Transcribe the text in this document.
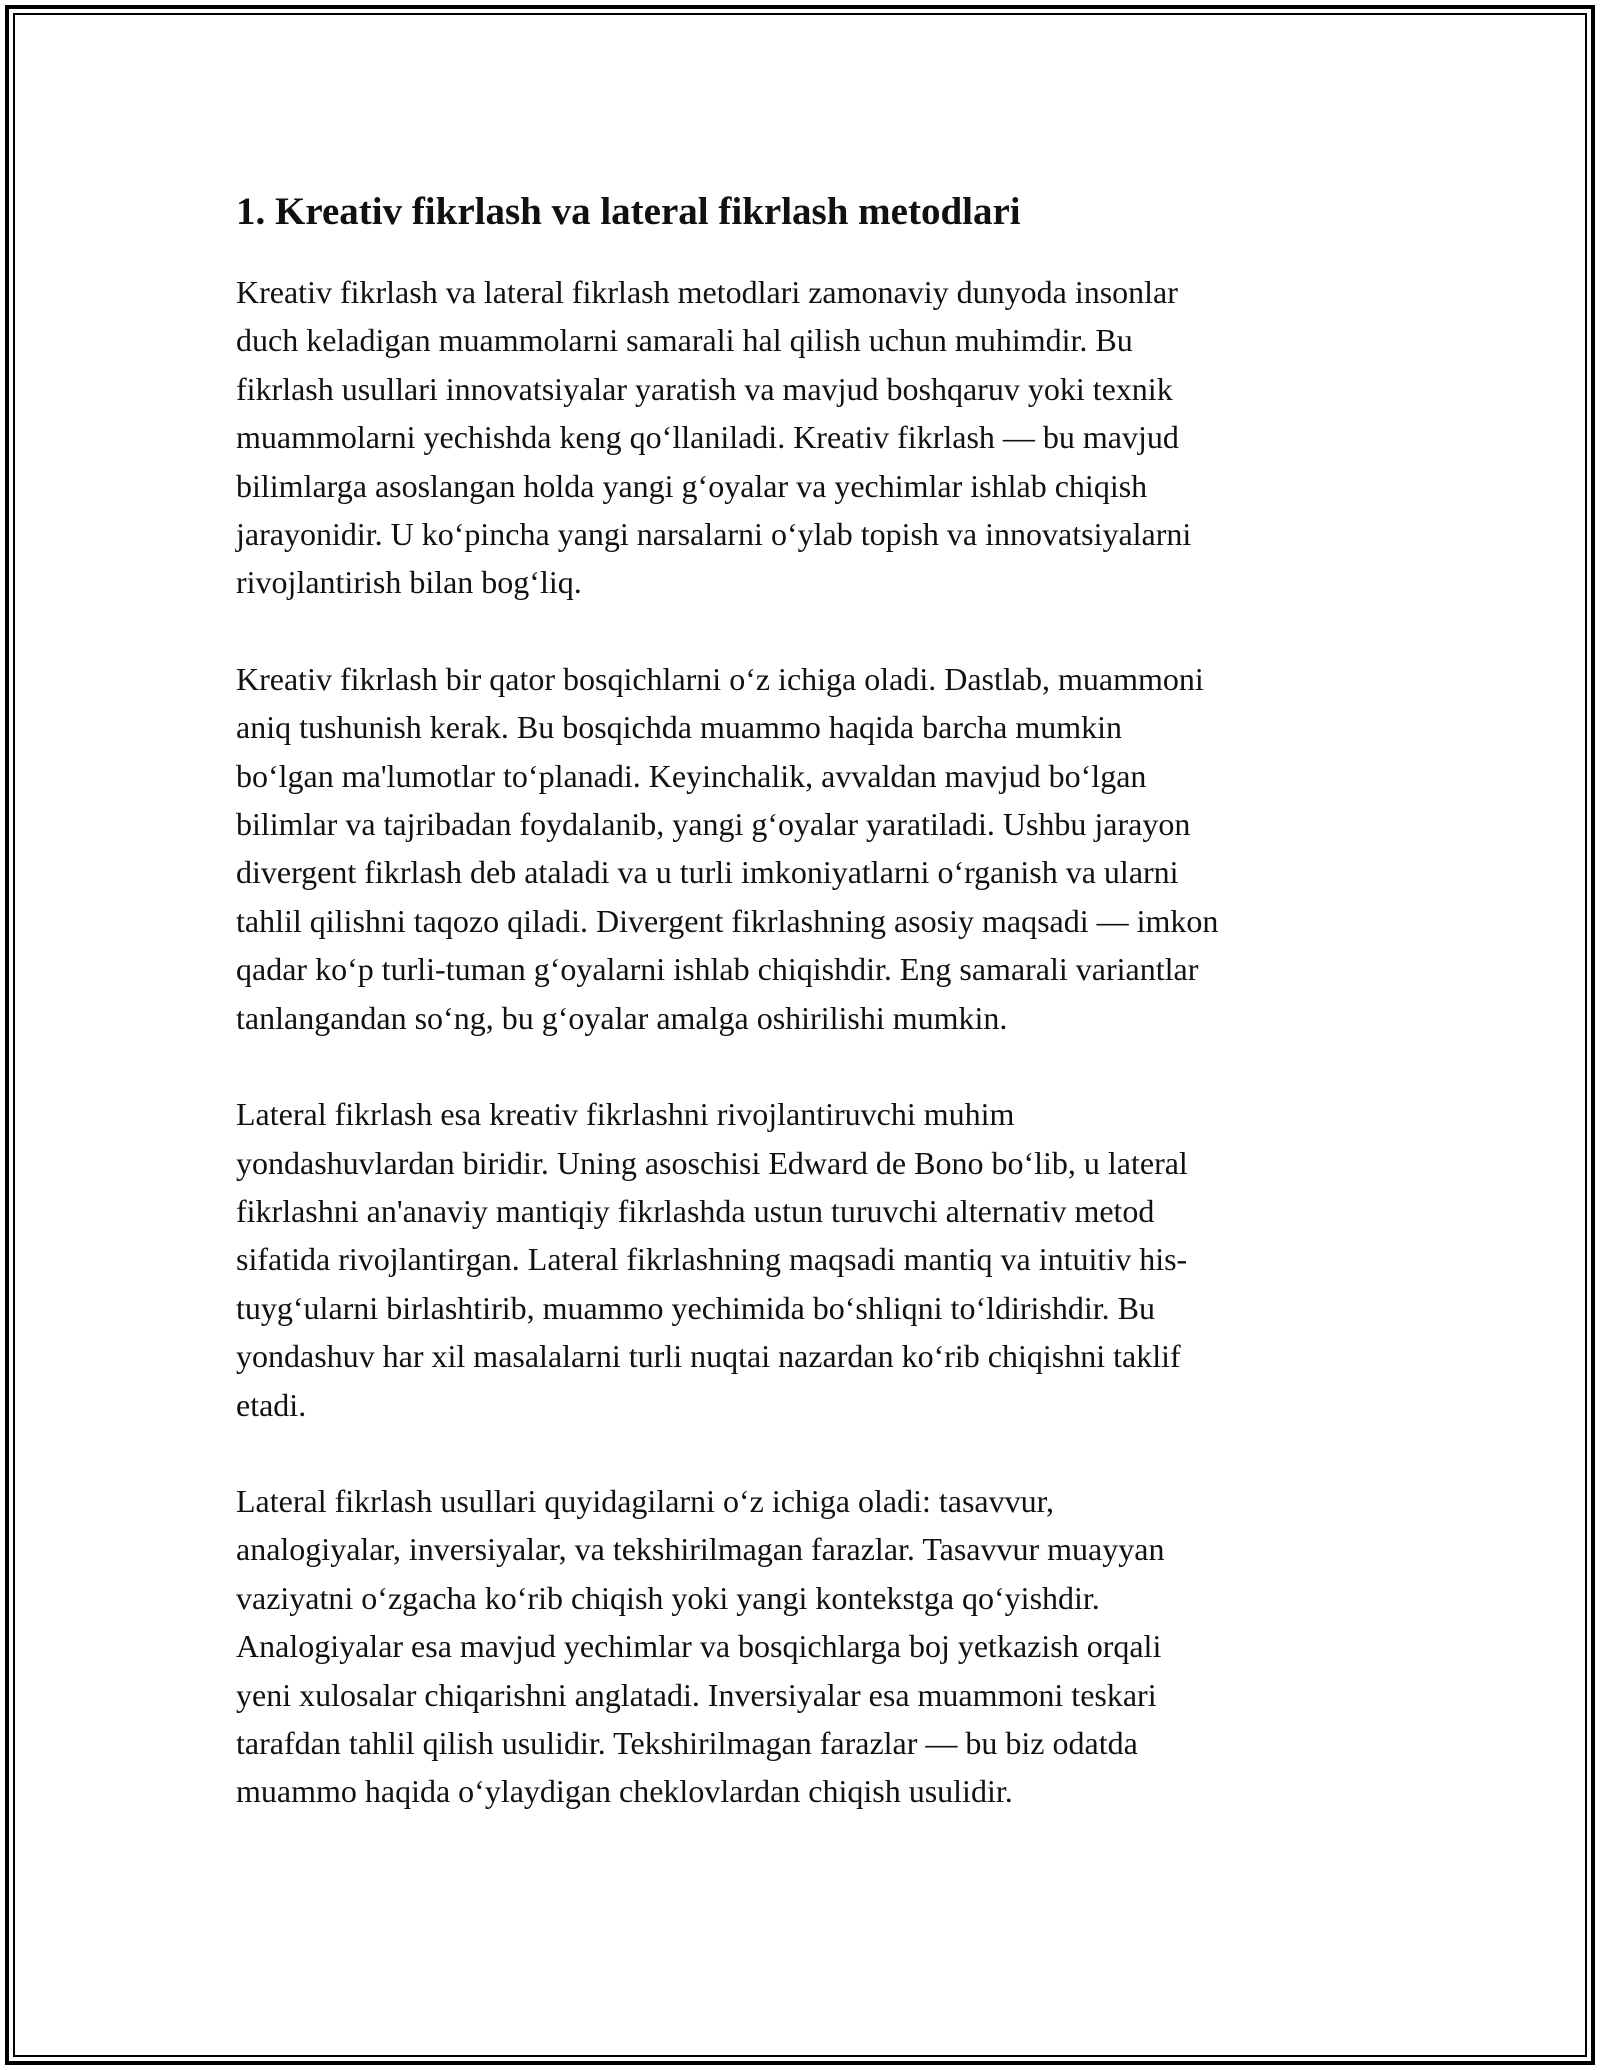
1. Kreativ fikrlash va lateral fikrlash metodlari

Kreativ fikrlash va lateral fikrlash metodlari zamonaviy dunyoda insonlar
duch keladigan muammolarni samarali hal qilish uchun muhimdir. Bu
fikrlash usullari innovatsiyalar yaratish va mavjud boshqaruv yoki texnik
muammolarni yechishda keng qo‘llaniladi. Kreativ fikrlash — bu mavjud
bilimlarga asoslangan holda yangi g‘oyalar va yechimlar ishlab chiqish
jarayonidir. U ko‘pincha yangi narsalarni o‘ylab topish va innovatsiyalarni
rivojlantirish bilan bog‘liq.

Kreativ fikrlash bir qator bosqichlarni o‘z ichiga oladi. Dastlab, muammoni
aniq tushunish kerak. Bu bosqichda muammo haqida barcha mumkin
bo‘lgan ma'lumotlar to‘planadi. Keyinchalik, avvaldan mavjud bo‘lgan
bilimlar va tajribadan foydalanib, yangi g‘oyalar yaratiladi. Ushbu jarayon
divergent fikrlash deb ataladi va u turli imkoniyatlarni o‘rganish va ularni
tahlil qilishni taqozo qiladi. Divergent fikrlashning asosiy maqsadi — imkon
qadar ko‘p turli-tuman g‘oyalarni ishlab chiqishdir. Eng samarali variantlar
tanlangandan so‘ng, bu g‘oyalar amalga oshirilishi mumkin.

Lateral fikrlash esa kreativ fikrlashni rivojlantiruvchi muhim
yondashuvlardan biridir. Uning asoschisi Edward de Bono bo‘lib, u lateral
fikrlashni an'anaviy mantiqiy fikrlashda ustun turuvchi alternativ metod
sifatida rivojlantirgan. Lateral fikrlashning maqsadi mantiq va intuitiv his-
tuyg‘ularni birlashtirib, muammo yechimida bo‘shliqni to‘ldirishdir. Bu
yondashuv har xil masalalarni turli nuqtai nazardan ko‘rib chiqishni taklif
etadi.

Lateral fikrlash usullari quyidagilarni o‘z ichiga oladi: tasavvur,
analogiyalar, inversiyalar, va tekshirilmagan farazlar. Tasavvur muayyan
vaziyatni o‘zgacha ko‘rib chiqish yoki yangi kontekstga qo‘yishdir.
Analogiyalar esa mavjud yechimlar va bosqichlarga boj yetkazish orqali
yeni xulosalar chiqarishni anglatadi. Inversiyalar esa muammoni teskari
tarafdan tahlil qilish usulidir. Tekshirilmagan farazlar — bu biz odatda
muammo haqida o‘ylaydigan cheklovlardan chiqish usulidir.
